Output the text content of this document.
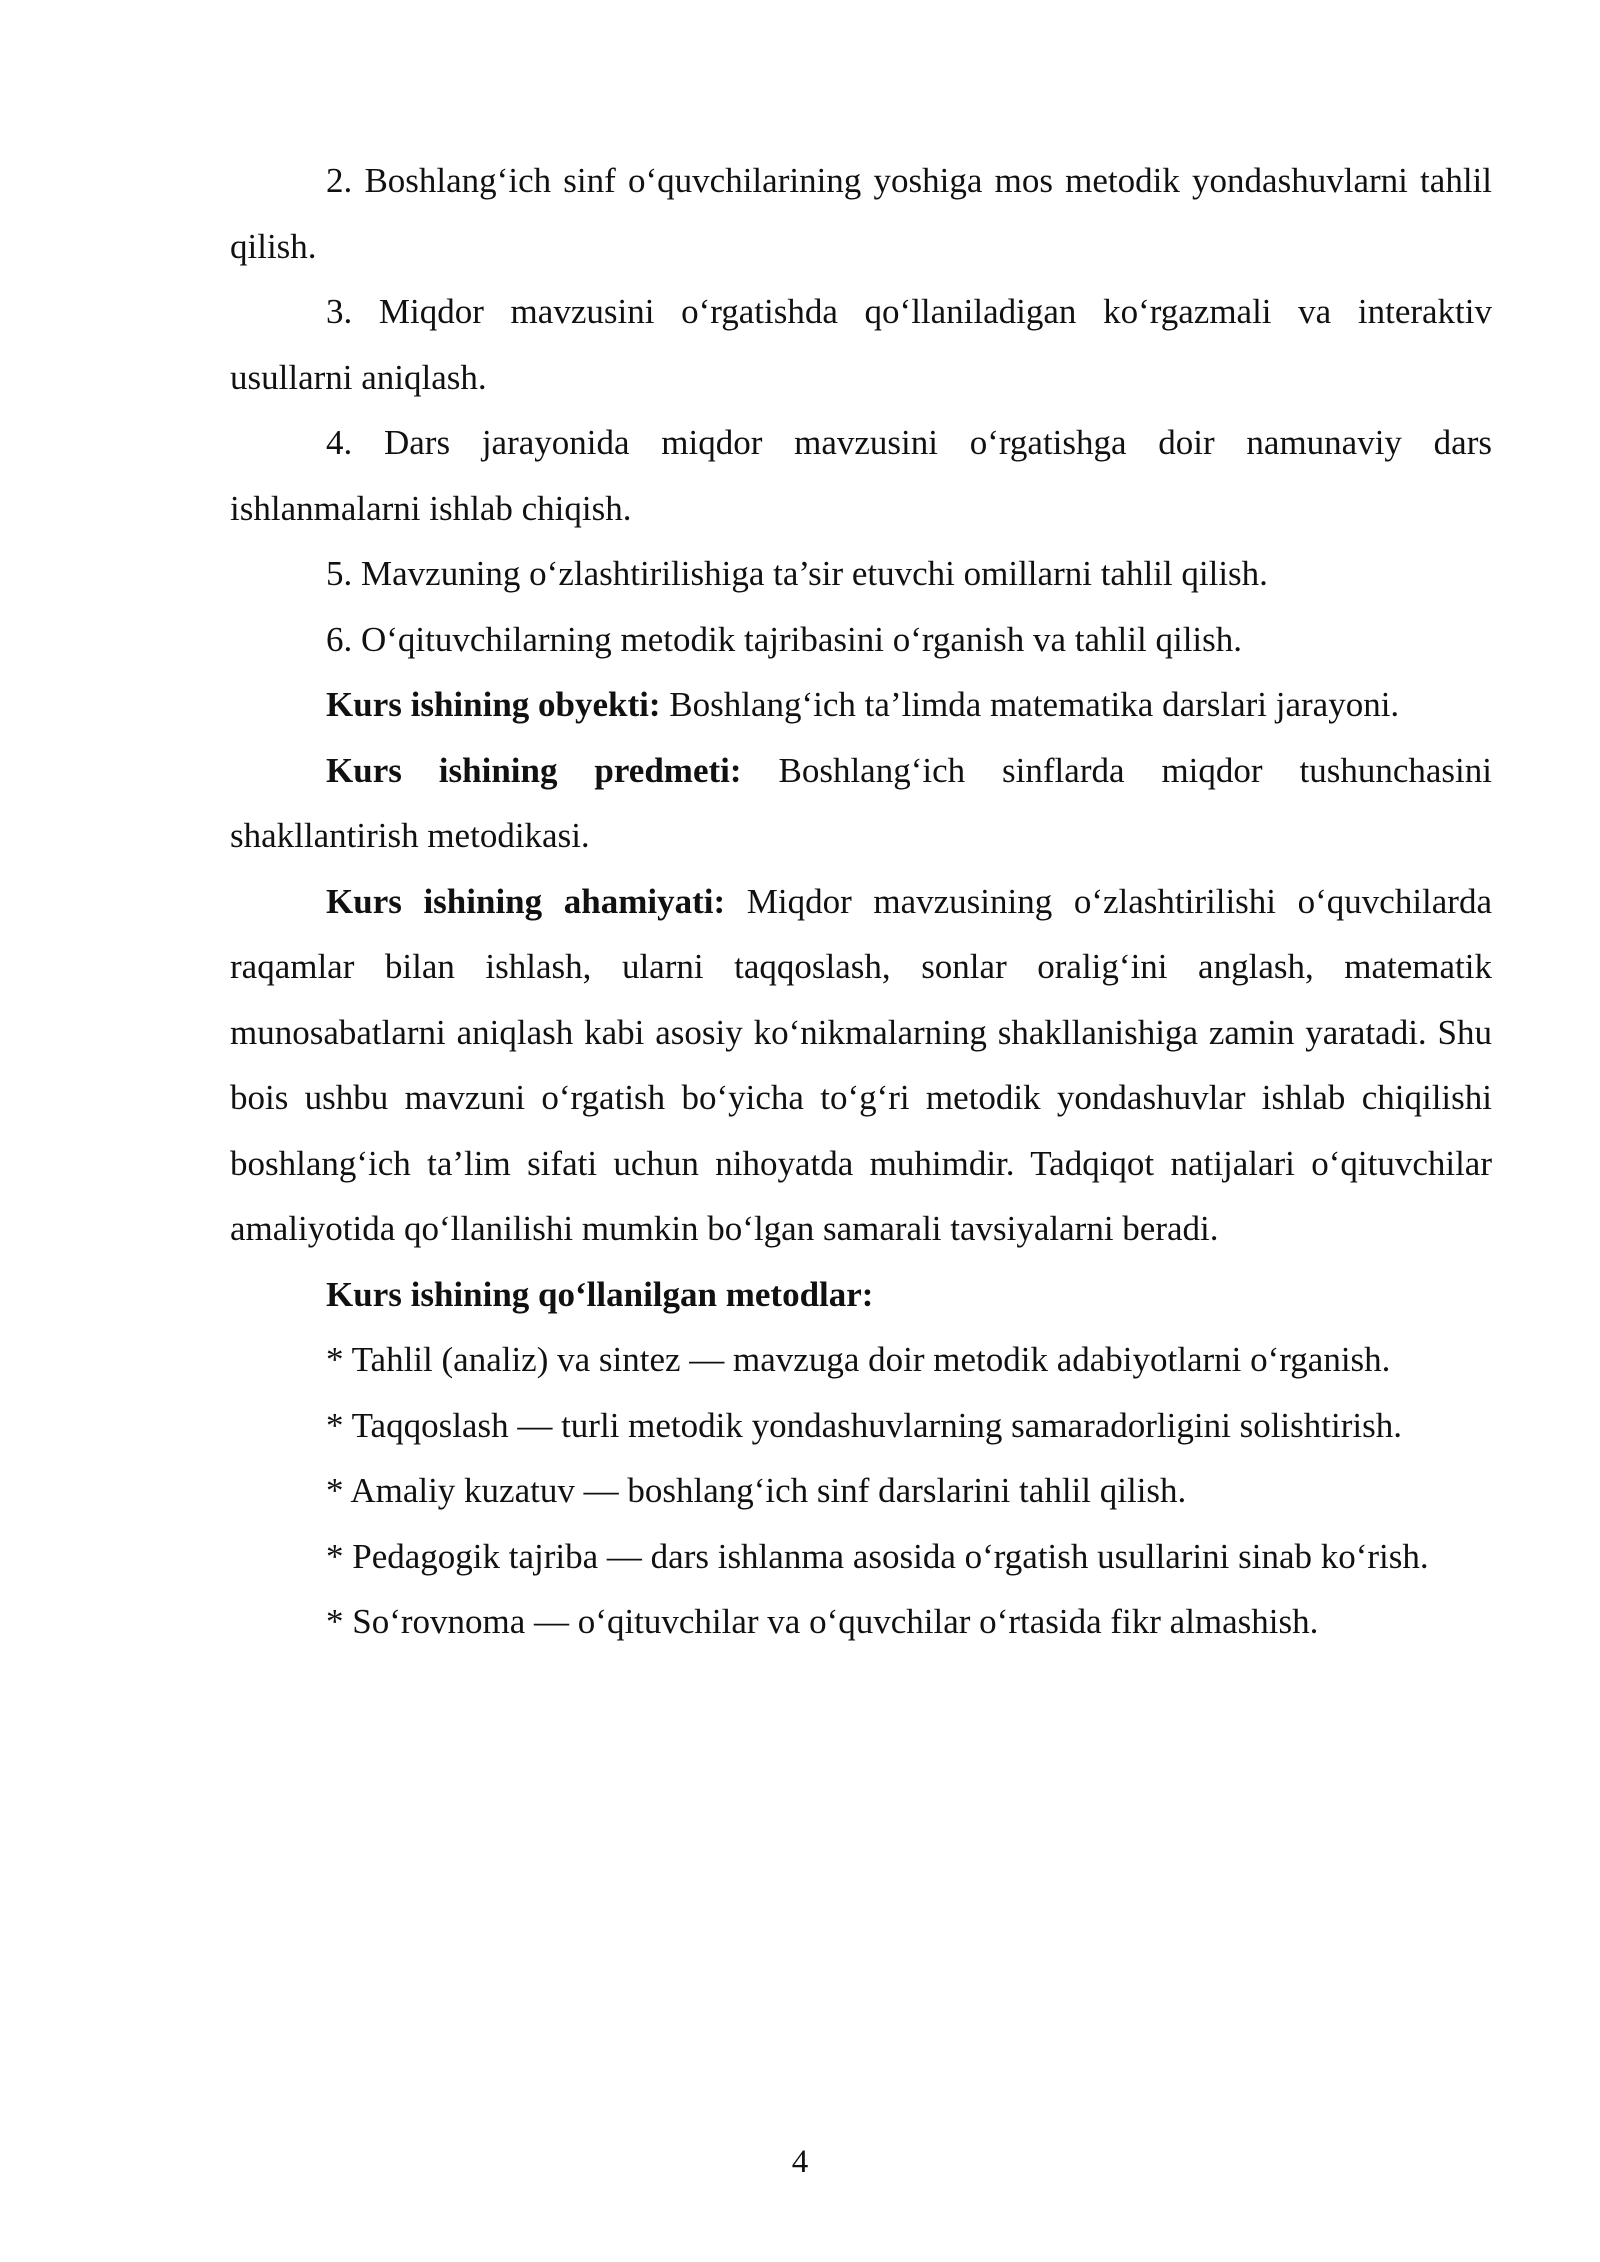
2. Boshlang‘ich sinf o‘quvchilarining yoshiga mos metodik yondashuvlarni tahlil qilish.

3. Miqdor mavzusini o‘rgatishda qo‘llaniladigan ko‘rgazmali va interaktiv usullarni aniqlash.

4. Dars jarayonida miqdor mavzusini o‘rgatishga doir namunaviy dars ishlanmalarni ishlab chiqish.

5. Mavzuning o‘zlashtirilishiga ta’sir etuvchi omillarni tahlil qilish.

6. O‘qituvchilarning metodik tajribasini o‘rganish va tahlil qilish.

Kurs ishining obyekti: Boshlang‘ich ta’limda matematika darslari jarayoni.

Kurs ishining predmeti: Boshlang‘ich sinflarda miqdor tushunchasini shakllantirish metodikasi.

Kurs ishining ahamiyati: Miqdor mavzusining o‘zlashtirilishi o‘quvchilarda raqamlar bilan ishlash, ularni taqqoslash, sonlar oralig‘ini anglash, matematik munosabatlarni aniqlash kabi asosiy ko‘nikmalarning shakllanishiga zamin yaratadi. Shu bois ushbu mavzuni o‘rgatish bo‘yicha to‘g‘ri metodik yondashuvlar ishlab chiqilishi boshlang‘ich ta’lim sifati uchun nihoyatda muhimdir. Tadqiqot natijalari o‘qituvchilar amaliyotida qo‘llanilishi mumkin bo‘lgan samarali tavsiyalarni beradi.

Kurs ishining qo‘llanilgan metodlar:

* Tahlil (analiz) va sintez — mavzuga doir metodik adabiyotlarni o‘rganish.

* Taqqoslash — turli metodik yondashuvlarning samaradorligini solishtirish.

* Amaliy kuzatuv — boshlang‘ich sinf darslarini tahlil qilish.

* Pedagogik tajriba — dars ishlanma asosida o‘rgatish usullarini sinab ko‘rish.

* So‘rovnoma — o‘qituvchilar va o‘quvchilar o‘rtasida fikr almashish.

4
